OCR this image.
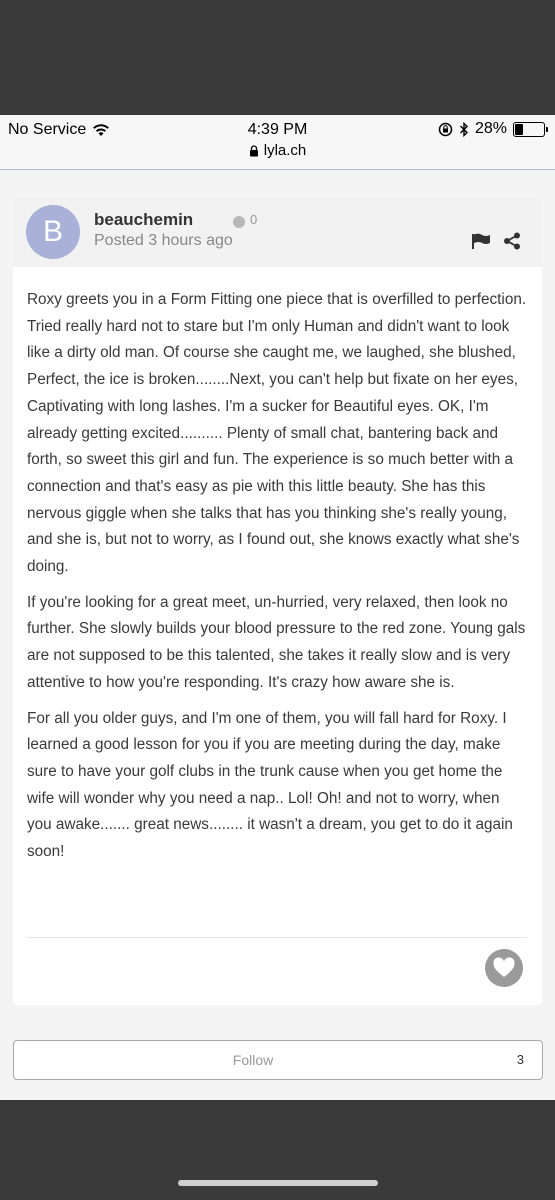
No Service	4:39 PM
lyla.ch
28%
B	beauchemin	0
Posted 3 hours ago

Roxy greets you in a Form Fitting one piece that is overfilled to perfection. Tried really hard not to stare but I'm only Human and didn't want to look like a dirty old man. Of course she caught me, we laughed, she blushed, Perfect, the ice is broken........Next, you can't help but fixate on her eyes, Captivating with long lashes. I'm a sucker for Beautiful eyes. OK, I'm already getting excited.......... Plenty of small chat, bantering back and forth, so sweet this girl and fun. The experience is so much better with a connection and that's easy as pie with this little beauty. She has this nervous giggle when she talks that has you thinking she's really young, and she is, but not to worry, as I found out, she knows exactly what she's doing.

If you're looking for a great meet, un-hurried, very relaxed, then look no further. She slowly builds your blood pressure to the red zone. Young gals are not supposed to be this talented, she takes it really slow and is very attentive to how you're responding. It's crazy how aware she is.

For all you older guys, and I'm one of them, you will fall hard for Roxy. I learned a good lesson for you if you are meeting during the day, make sure to have your golf clubs in the trunk cause when you get home the wife will wonder why you need a nap.. Lol! Oh! and not to worry, when you awake....... great news........ it wasn't a dream, you get to do it again soon!

Follow	3
